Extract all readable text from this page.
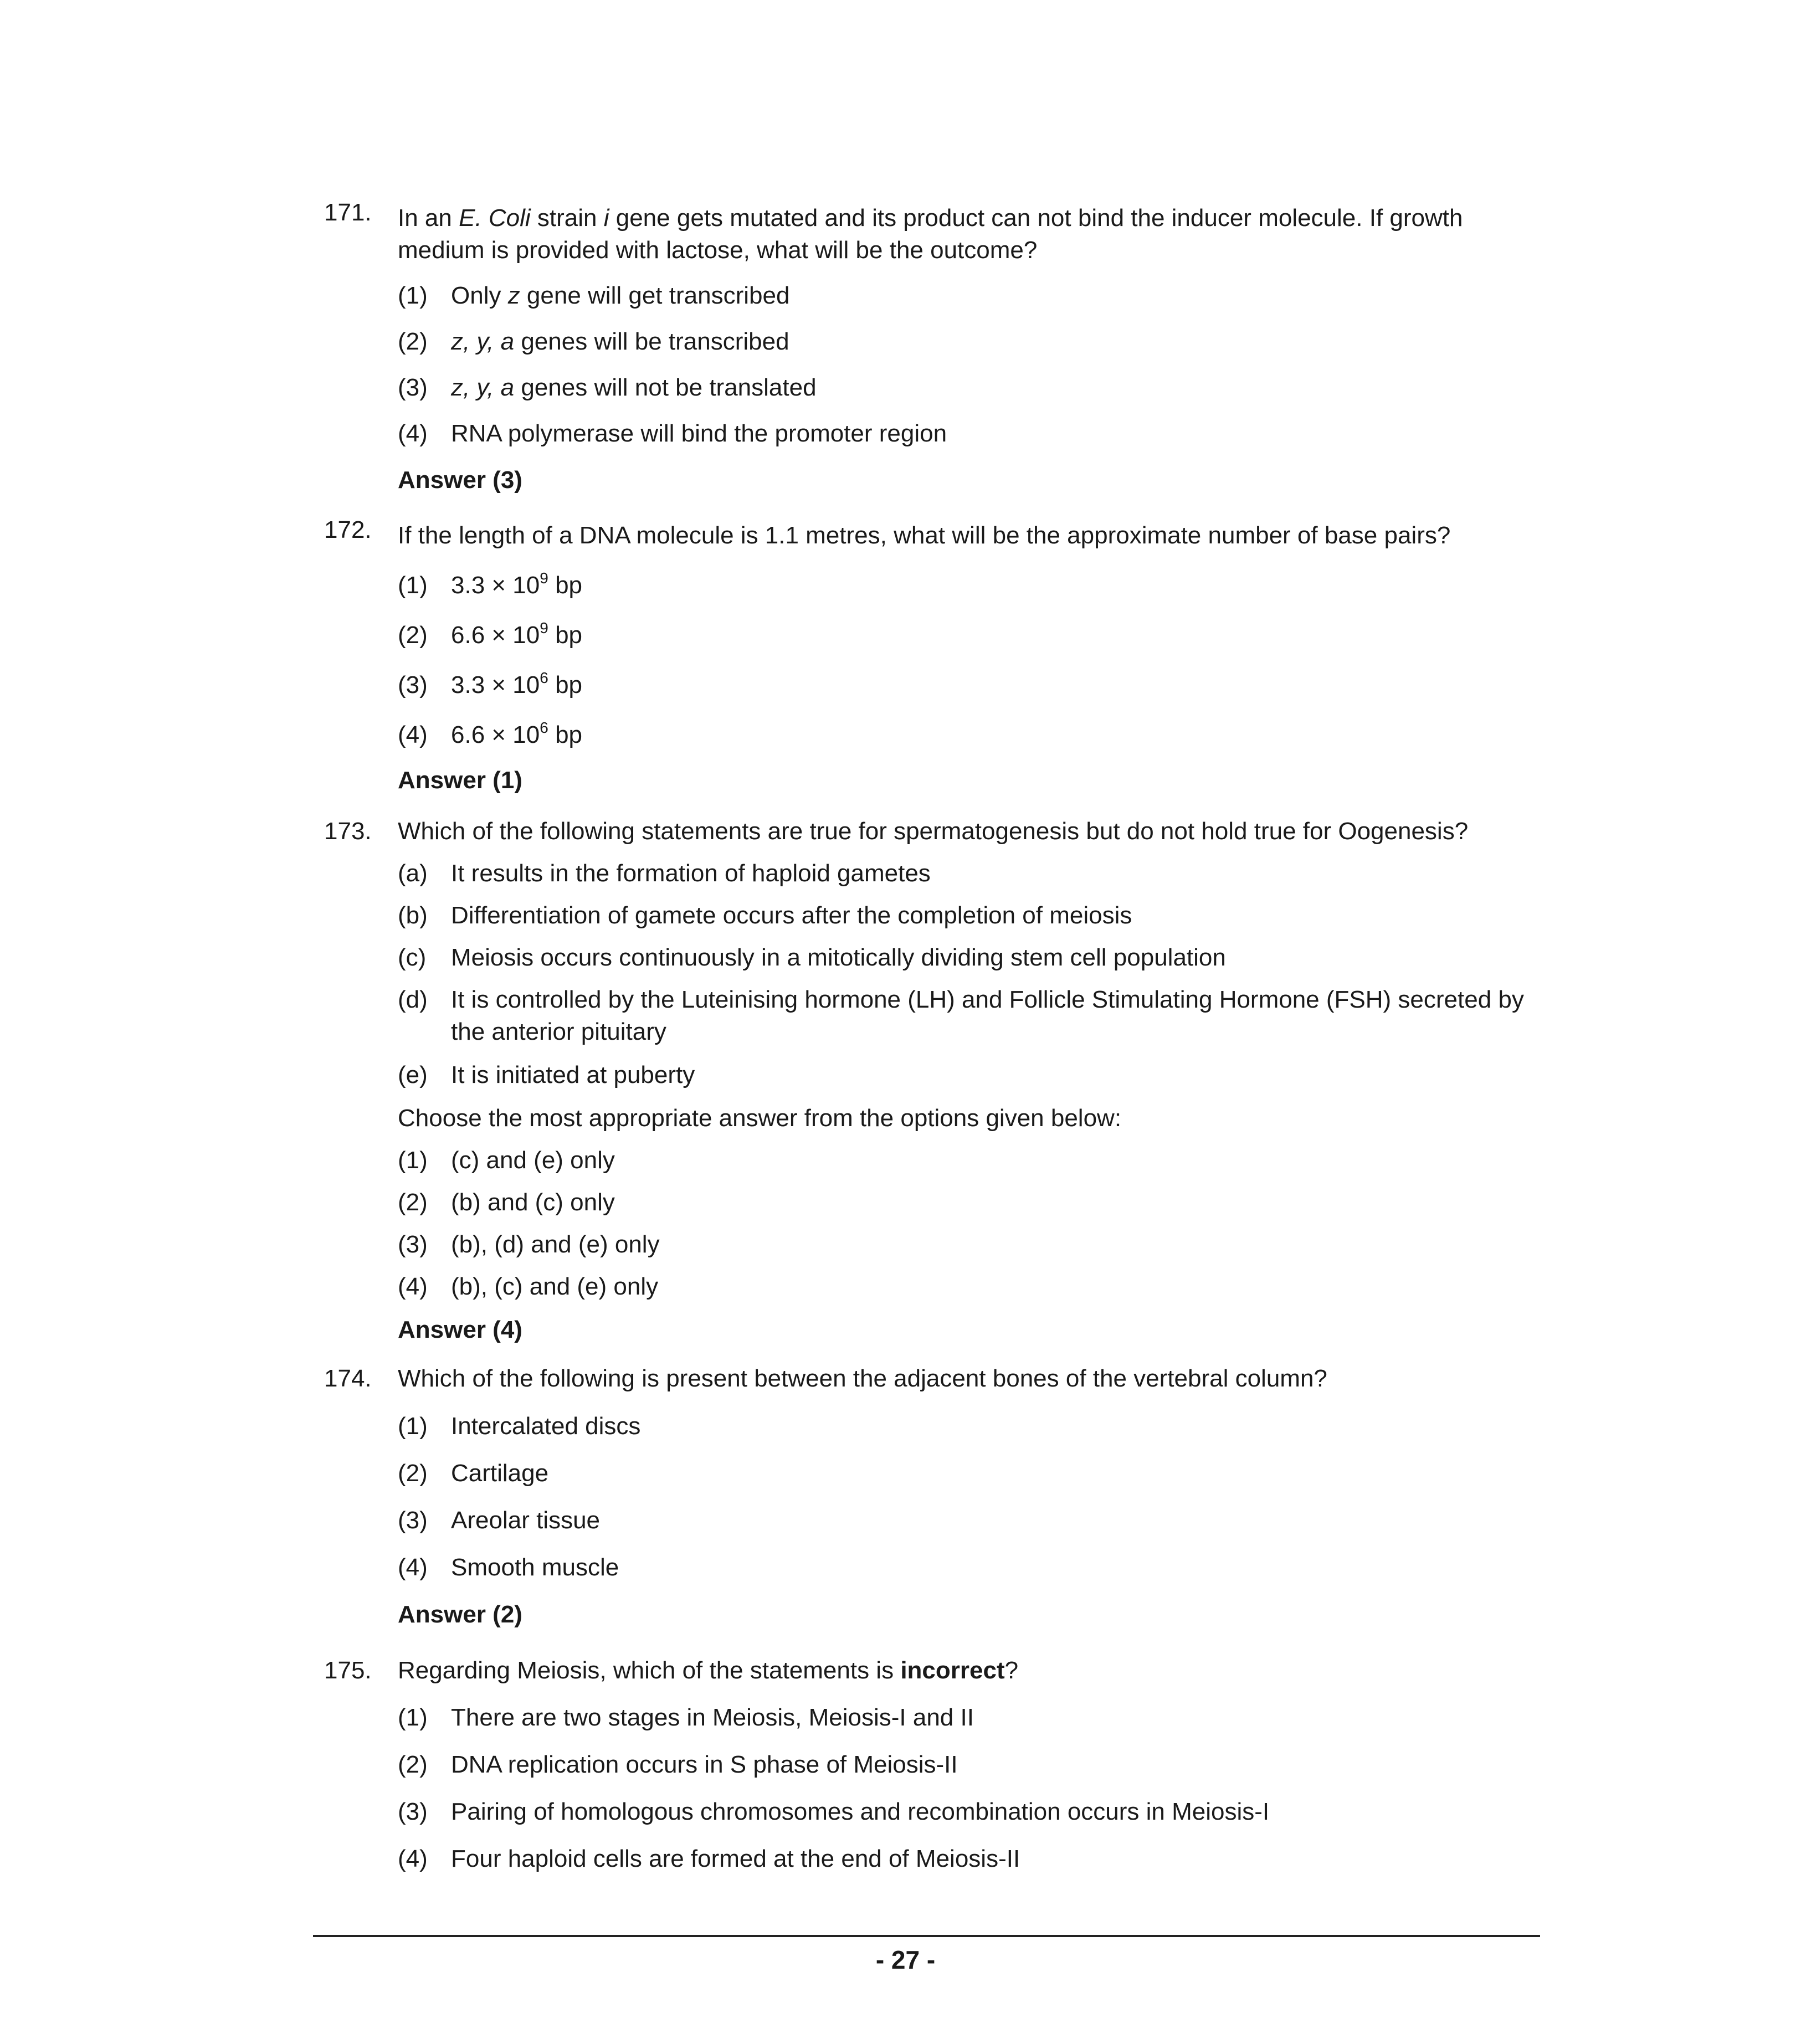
171. In an E. Coli strain i gene gets mutated and its product can not bind the inducer molecule. If growth medium is provided with lactose, what will be the outcome?
(1) Only z gene will get transcribed
(2) z, y, a genes will be transcribed
(3) z, y, a genes will not be translated
(4) RNA polymerase will bind the promoter region
Answer (3)
172. If the length of a DNA molecule is 1.1 metres, what will be the approximate number of base pairs?
(1) $3.3 \times 10^9$ bp
(2) $6.6 \times 10^9$ bp
(3) $3.3 \times 10^6$ bp
(4) $6.6 \times 10^6$ bp
Answer (1)
173. Which of the following statements are true for spermatogenesis but do not hold true for Oogenesis?
(a) It results in the formation of haploid gametes
(b) Differentiation of gamete occurs after the completion of meiosis
(c) Meiosis occurs continuously in a mitotically dividing stem cell population
(d) It is controlled by the Luteinising hormone (LH) and Follicle Stimulating Hormone (FSH) secreted by the anterior pituitary
(e) It is initiated at puberty
Choose the most appropriate answer from the options given below:
(1) (c) and (e) only
(2) (b) and (c) only
(3) (b), (d) and (e) only
(4) (b), (c) and (e) only
Answer (4)
174. Which of the following is present between the adjacent bones of the vertebral column?
(1) Intercalated discs
(2) Cartilage
(3) Areolar tissue
(4) Smooth muscle
Answer (2)
175. Regarding Meiosis, which of the statements is incorrect?
(1) There are two stages in Meiosis, Meiosis-I and II
(2) DNA replication occurs in S phase of Meiosis-II
(3) Pairing of homologous chromosomes and recombination occurs in Meiosis-I
(4) Four haploid cells are formed at the end of Meiosis-II
- 27 -
